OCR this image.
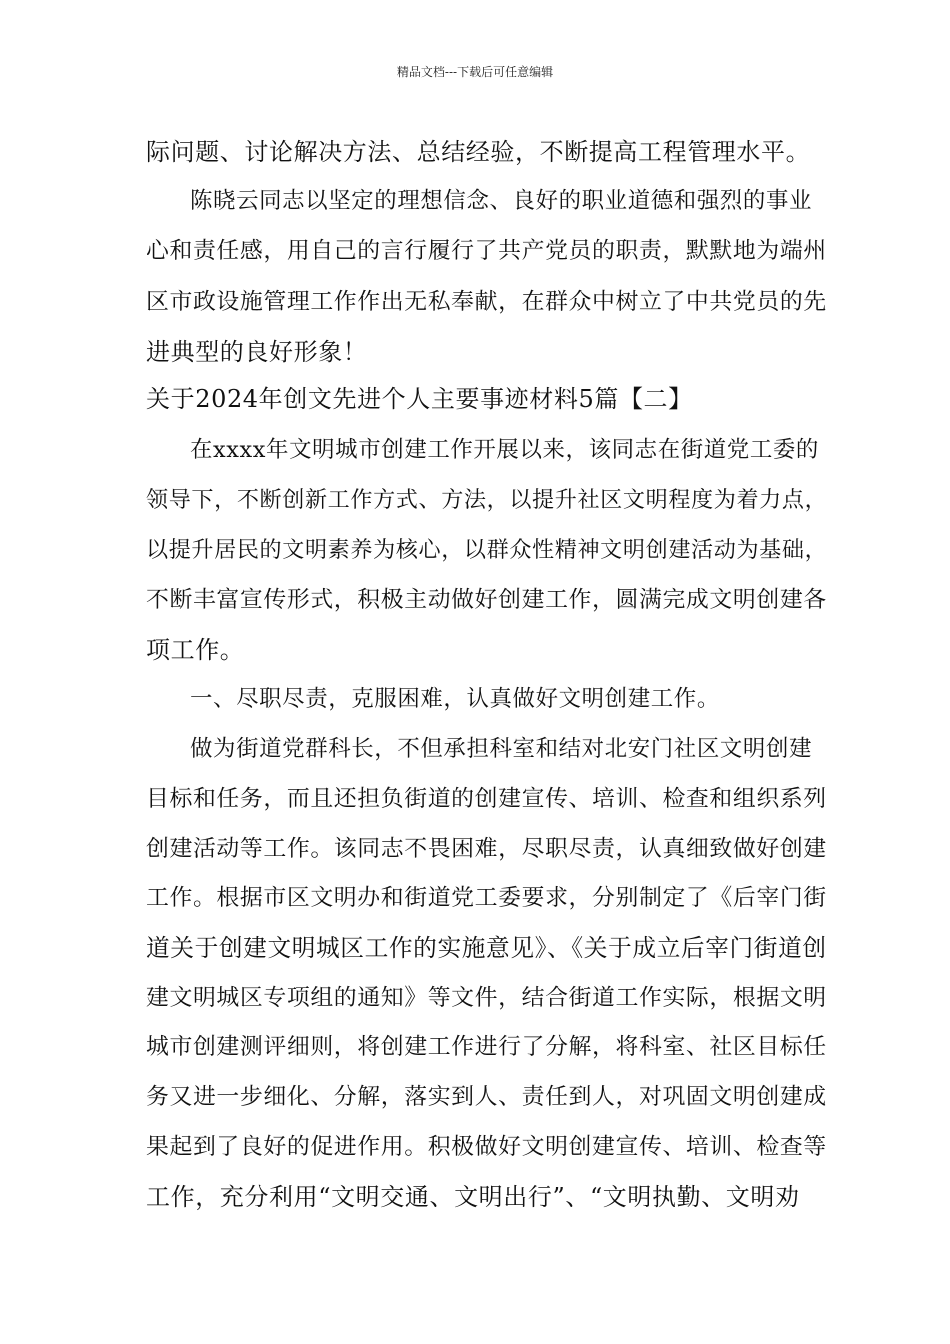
精品文档---下载后可任意编辑
际问题、讨论解决方法、总结经验，不断提高工程管理水平。
陈晓云同志以坚定的理想信念、良好的职业道德和强烈的事业
心和责任感，用自己的言行履行了共产党员的职责，默默地为端州
区市政设施管理工作作出无私奉献，在群众中树立了中共党员的先
进典型的良好形象！
关于2024年创文先进个人主要事迹材料5篇【二】
在xxxx年文明城市创建工作开展以来，该同志在街道党工委的
领导下，不断创新工作方式、方法，以提升社区文明程度为着力点，
以提升居民的文明素养为核心，以群众性精神文明创建活动为基础，
不断丰富宣传形式，积极主动做好创建工作，圆满完成文明创建各
项工作。
一、尽职尽责，克服困难，认真做好文明创建工作。
做为街道党群科长，不但承担科室和结对北安门社区文明创建
目标和任务，而且还担负街道的创建宣传、培训、检查和组织系列
创建活动等工作。该同志不畏困难，尽职尽责，认真细致做好创建
工作。根据市区文明办和街道党工委要求，分别制定了《后宰门街
道关于创建文明城区工作的实施意见》、《关于成立后宰门街道创
建文明城区专项组的通知》等文件，结合街道工作实际，根据文明
城市创建测评细则，将创建工作进行了分解，将科室、社区目标任
务又进一步细化、分解，落实到人、责任到人，对巩固文明创建成
果起到了良好的促进作用。积极做好文明创建宣传、培训、检查等
工作，充分利用“文明交通、文明出行”、“文明执勤、文明劝
